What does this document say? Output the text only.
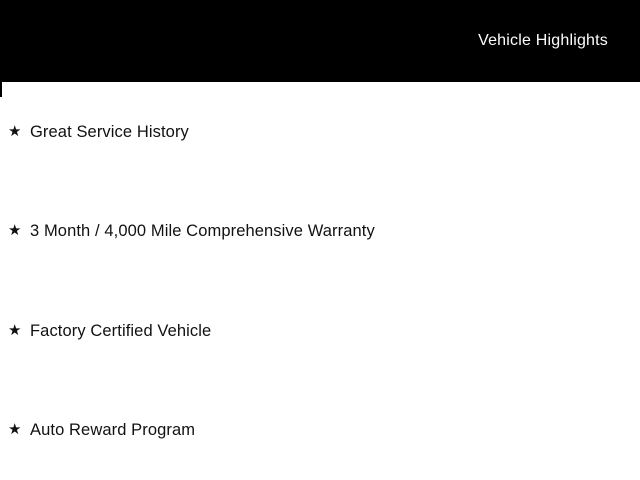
Vehicle Highlights
★ Great Service History
★ 3 Month / 4,000 Mile Comprehensive Warranty
★ Factory Certified Vehicle
★ Auto Reward Program
